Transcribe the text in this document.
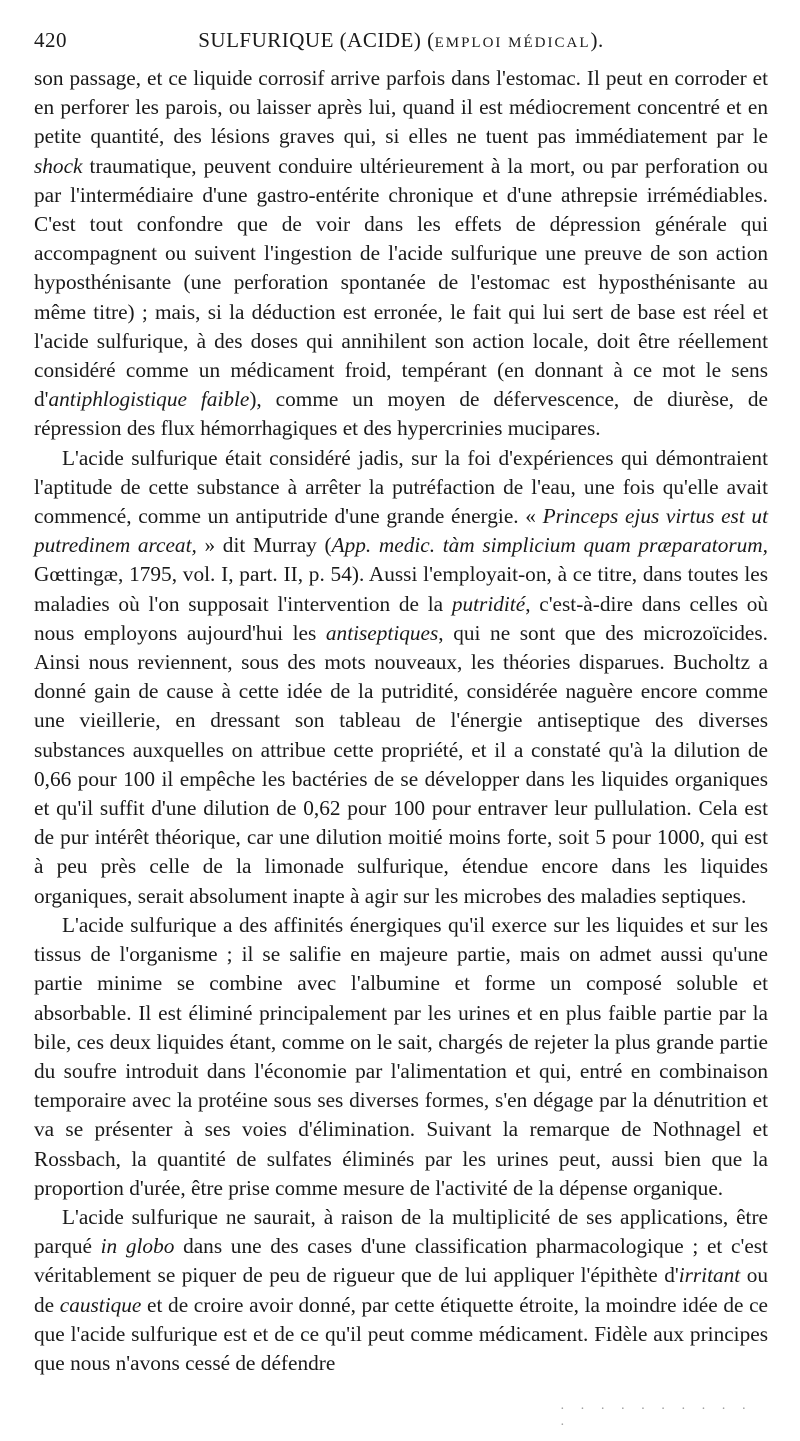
420	SULFURIQUE (ACIDE) (EMPLOI MÉDICAL).

son passage, et ce liquide corrosif arrive parfois dans l'estomac. Il peut en corroder et en perforer les parois, ou laisser après lui, quand il est médiocrement concentré et en petite quantité, des lésions graves qui, si elles ne tuent pas immédiatement par le shock traumatique, peuvent conduire ultérieurement à la mort, ou par perforation ou par l'intermédiaire d'une gastro-entérite chronique et d'une athrepsie irrémédiables. C'est tout confondre que de voir dans les effets de dépression générale qui accompagnent ou suivent l'ingestion de l'acide sulfurique une preuve de son action hyposthénisante (une perforation spontanée de l'estomac est hyposthénisante au même titre) ; mais, si la déduction est erronée, le fait qui lui sert de base est réel et l'acide sulfurique, à des doses qui annihilent son action locale, doit être réellement considéré comme un médicament froid, tempérant (en donnant à ce mot le sens d'antiphlogistique faible), comme un moyen de défervescence, de diurèse, de répression des flux hémorrhagiques et des hypercrinies mucipares.

L'acide sulfurique était considéré jadis, sur la foi d'expériences qui démontraient l'aptitude de cette substance à arrêter la putréfaction de l'eau, une fois qu'elle avait commencé, comme un antiputride d'une grande énergie. « Princeps ejus virtus est ut putredinem arceat, » dit Murray (App. medic. tàm simplicium quam præparatorum, Gœttingæ, 1795, vol. I, part. II, p. 54). Aussi l'employait-on, à ce titre, dans toutes les maladies où l'on supposait l'intervention de la putridité, c'est-à-dire dans celles où nous employons aujourd'hui les antiseptiques, qui ne sont que des microzoïcides. Ainsi nous reviennent, sous des mots nouveaux, les théories disparues. Bucholtz a donné gain de cause à cette idée de la putridité, considérée naguère encore comme une vieillerie, en dressant son tableau de l'énergie antiseptique des diverses substances auxquelles on attribue cette propriété, et il a constaté qu'à la dilution de 0,66 pour 100 il empêche les bactéries de se développer dans les liquides organiques et qu'il suffit d'une dilution de 0,62 pour 100 pour entraver leur pullulation. Cela est de pur intérêt théorique, car une dilution moitié moins forte, soit 5 pour 1000, qui est à peu près celle de la limonade sulfurique, étendue encore dans les liquides organiques, serait absolument inapte à agir sur les microbes des maladies septiques.

L'acide sulfurique a des affinités énergiques qu'il exerce sur les liquides et sur les tissus de l'organisme ; il se salifie en majeure partie, mais on admet aussi qu'une partie minime se combine avec l'albumine et forme un composé soluble et absorbable. Il est éliminé principalement par les urines et en plus faible partie par la bile, ces deux liquides étant, comme on le sait, chargés de rejeter la plus grande partie du soufre introduit dans l'économie par l'alimentation et qui, entré en combinaison temporaire avec la protéine sous ses diverses formes, s'en dégage par la dénutrition et va se présenter à ses voies d'élimination. Suivant la remarque de Nothnagel et Rossbach, la quantité de sulfates éliminés par les urines peut, aussi bien que la proportion d'urée, être prise comme mesure de l'activité de la dépense organique.

L'acide sulfurique ne saurait, à raison de la multiplicité de ses applications, être parqué in globo dans une des cases d'une classification pharmacologique ; et c'est véritablement se piquer de peu de rigueur que de lui appliquer l'épithète d'irritant ou de caustique et de croire avoir donné, par cette étiquette étroite, la moindre idée de ce que l'acide sulfurique est et de ce qu'il peut comme médicament. Fidèle aux principes que nous n'avons cessé de défendre

· · · · · · · · · · ·
